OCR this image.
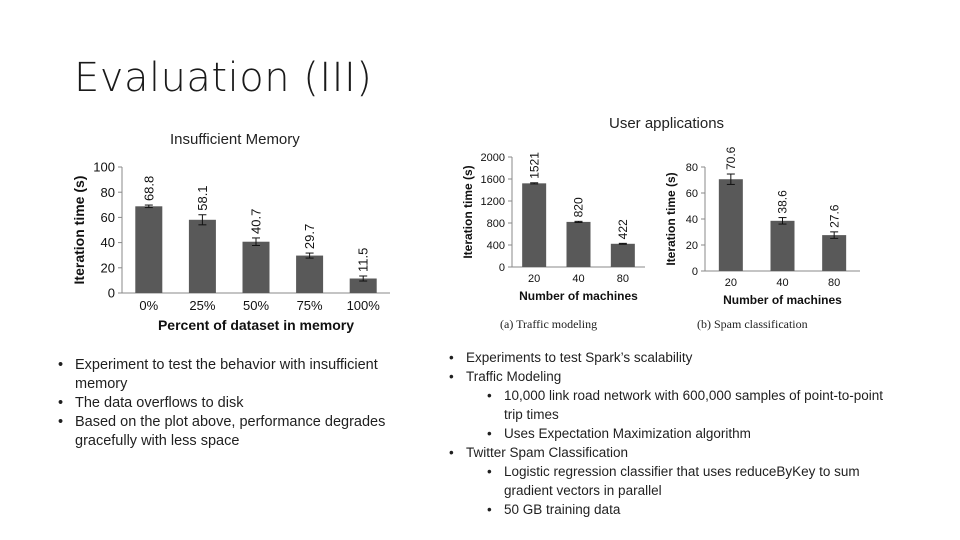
Evaluation (III)
Insufficient Memory
User applications
0
20
40
60
80
100
68.8
0%
58.1
25%
40.7
50%
29.7
75%
11.5
100%
Percent of dataset in memory
Iteration time (s)	0
400
800
1200
1600
2000 1521
20
820
40
422
80
Number of machines
Iteration time (s)
(a) Traffic modeling
0
20
40
60
80 70.6
20
38.6
40
27.6
80
Number of machines
Iteration time (s)
(b) Spam classification
• Experiment to test the behavior with insufficient memory
• The data overflows to disk
• Based on the plot above, performance degrades gracefully with less space
• Experiments to test Spark’s scalability
• Traffic Modeling
• 10,000 link road network with 600,000 samples of point-to-point trip times
• Uses Expectation Maximization algorithm
• Twitter Spam Classification
• Logistic regression classifier that uses reduceByKey to sum gradient vectors in parallel
• 50 GB training data
